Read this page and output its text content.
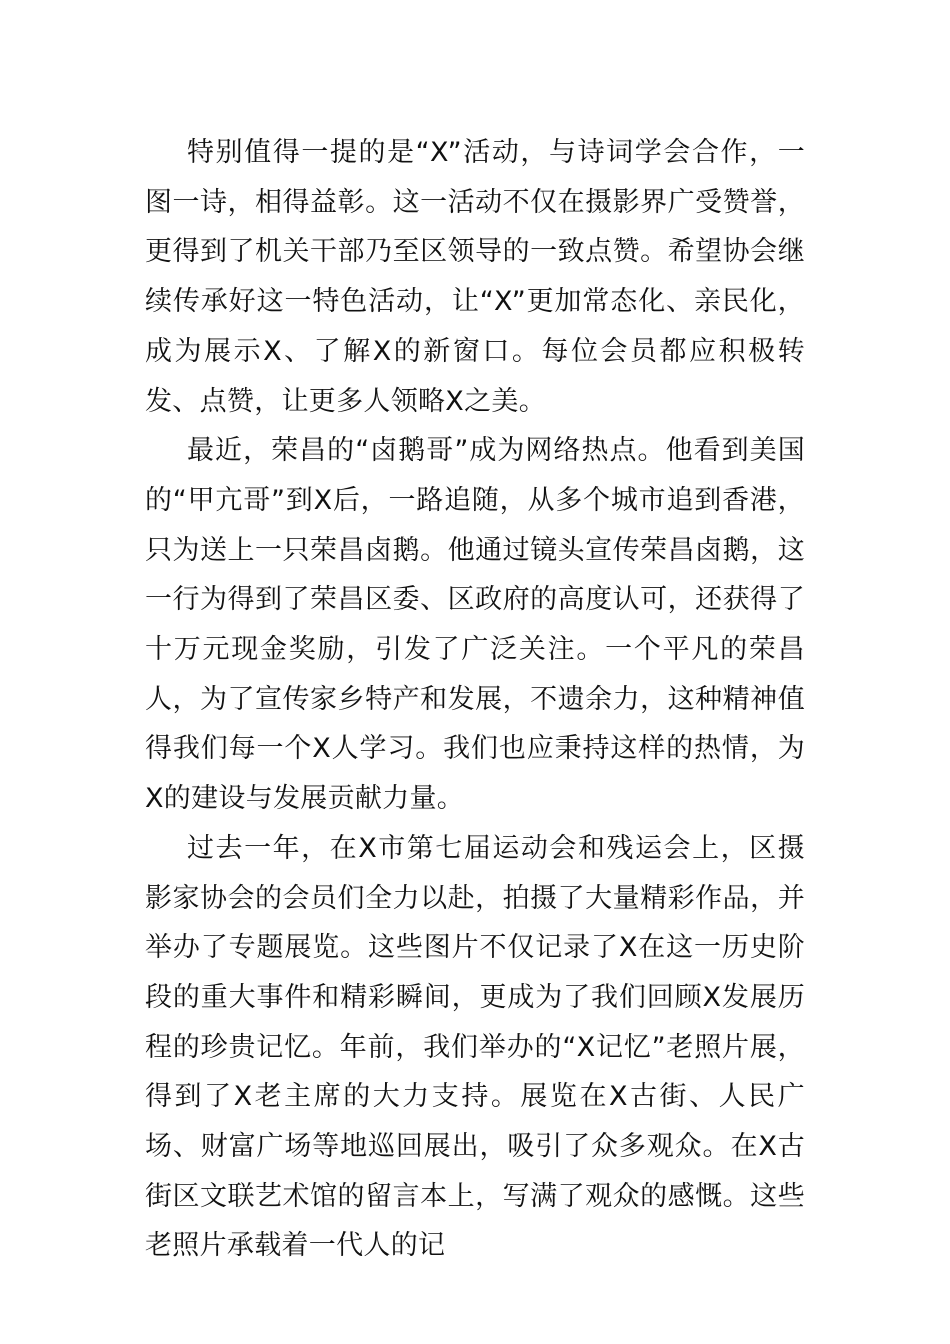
特别值得一提的是“X”活动，与诗词学会合作，一图一诗，相得益彰。这一活动不仅在摄影界广受赞誉，更得到了机关干部乃至区领导的一致点赞。希望协会继续传承好这一特色活动，让“X”更加常态化、亲民化，成为展示X、了解X的新窗口。每位会员都应积极转发、点赞，让更多人领略X之美。

最近，荣昌的“卤鹅哥”成为网络热点。他看到美国的“甲亢哥”到X后，一路追随，从多个城市追到香港，只为送上一只荣昌卤鹅。他通过镜头宣传荣昌卤鹅，这一行为得到了荣昌区委、区政府的高度认可，还获得了十万元现金奖励，引发了广泛关注。一个平凡的荣昌人，为了宣传家乡特产和发展，不遗余力，这种精神值得我们每一个X人学习。我们也应秉持这样的热情，为X的建设与发展贡献力量。

过去一年，在X市第七届运动会和残运会上，区摄影家协会的会员们全力以赴，拍摄了大量精彩作品，并举办了专题展览。这些图片不仅记录了X在这一历史阶段的重大事件和精彩瞬间，更成为了我们回顾X发展历程的珍贵记忆。年前，我们举办的“X记忆”老照片展，得到了X老主席的大力支持。展览在X古街、人民广场、财富广场等地巡回展出，吸引了众多观众。在X古街区文联艺术馆的留言本上，写满了观众的感慨。这些老照片承载着一代人的记
